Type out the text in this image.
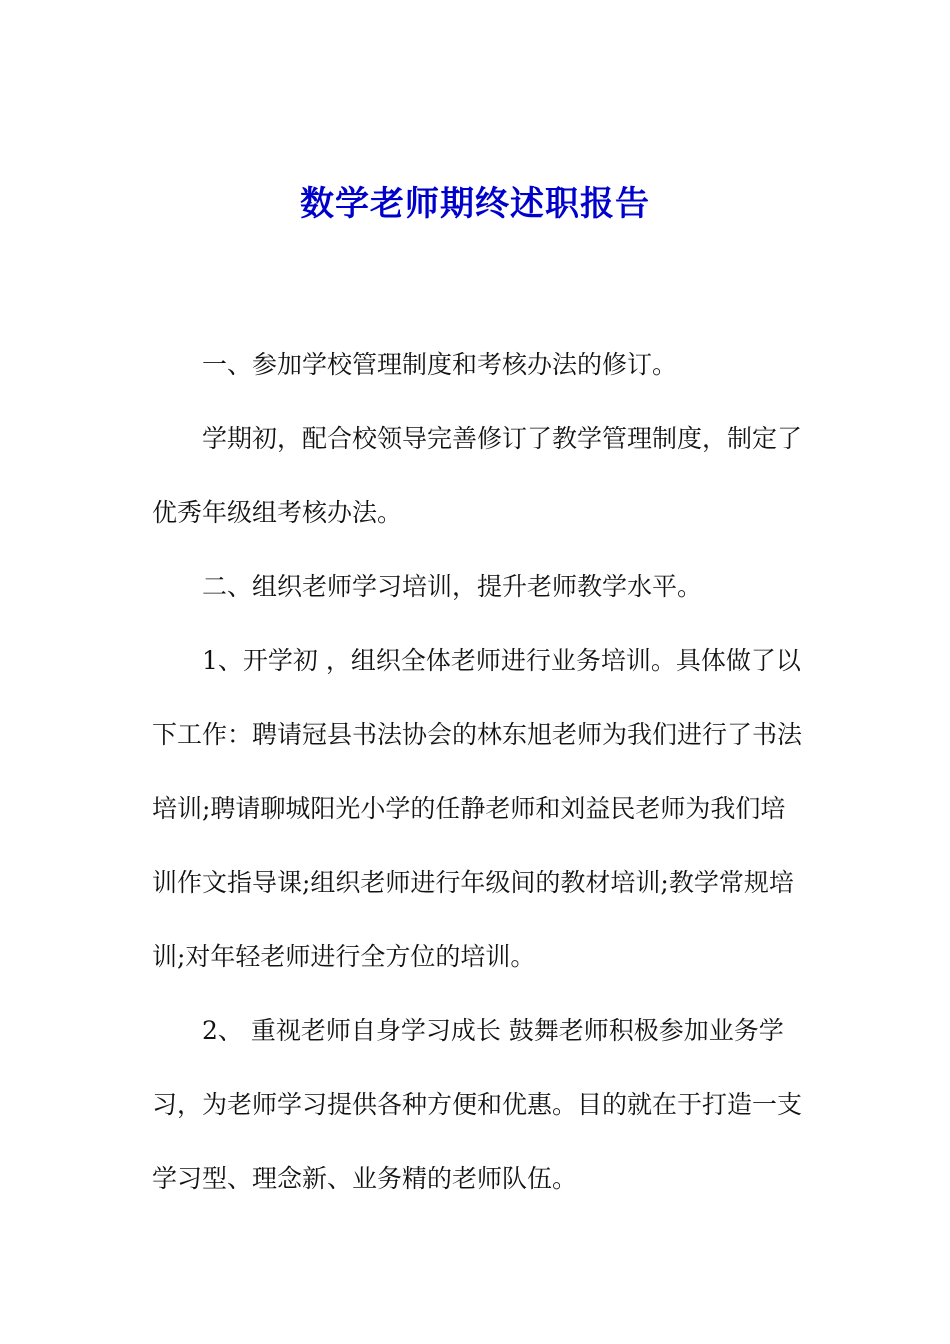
数学老师期终述职报告

一、参加学校管理制度和考核办法的修订。

学期初，配合校领导完善修订了教学管理制度，制定了优秀年级组考核办法。

二、组织老师学习培训，提升老师教学水平。

1、开学初 ，组织全体老师进行业务培训。具体做了以下工作：聘请冠县书法协会的林东旭老师为我们进行了书法培训;聘请聊城阳光小学的任静老师和刘益民老师为我们培训作文指导课;组织老师进行年级间的教材培训;教学常规培训;对年轻老师进行全方位的培训。

2、 重视老师自身学习成长 鼓舞老师积极参加业务学习，为老师学习提供各种方便和优惠。目的就在于打造一支学习型、理念新、业务精的老师队伍。
